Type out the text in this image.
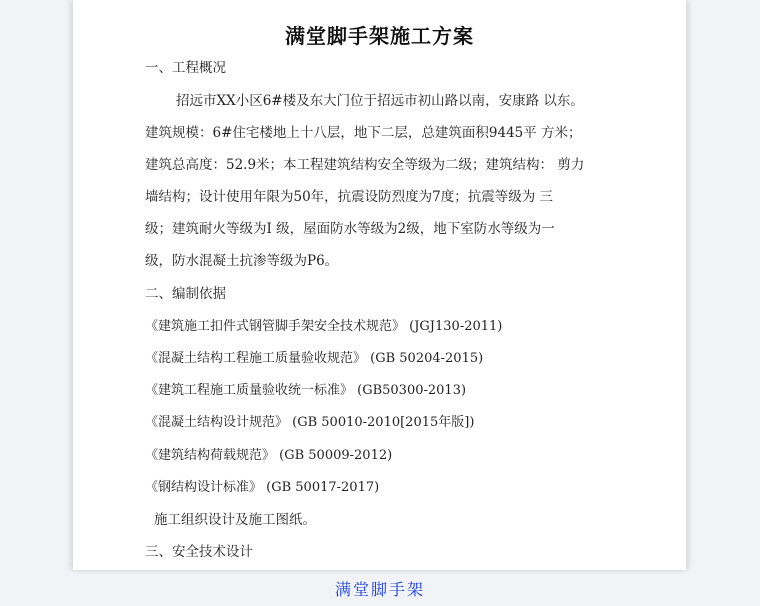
满堂脚手架施工方案
一、工程概况
招远市XX小区6#楼及东大门位于招远市初山路以南，安康路 以东。
建筑规模：6#住宅楼地上十八层，地下二层，总建筑面积9445平 方米；
建筑总高度：52.9米；本工程建筑结构安全等级为二级；建筑结构： 剪力
墙结构；设计使用年限为50年，抗震设防烈度为7度；抗震等级为 三
级；建筑耐火等级为I 级，屋面防水等级为2级，地下室防水等级为一
级，防水混凝土抗渗等级为P6。
二、编制依据
《建筑施工扣件式钢管脚手架安全技术规范》 (JGJ130-2011)
《混凝土结构工程施工质量验收规范》 (GB 50204-2015)
《建筑工程施工质量验收统一标准》 (GB50300-2013)
《混凝土结构设计规范》 (GB 50010-2010[2015年版])
《建筑结构荷载规范》 (GB 50009-2012)
《钢结构设计标准》 (GB 50017-2017)
施工组织设计及施工图纸。
三、安全技术设计
满堂脚手架
